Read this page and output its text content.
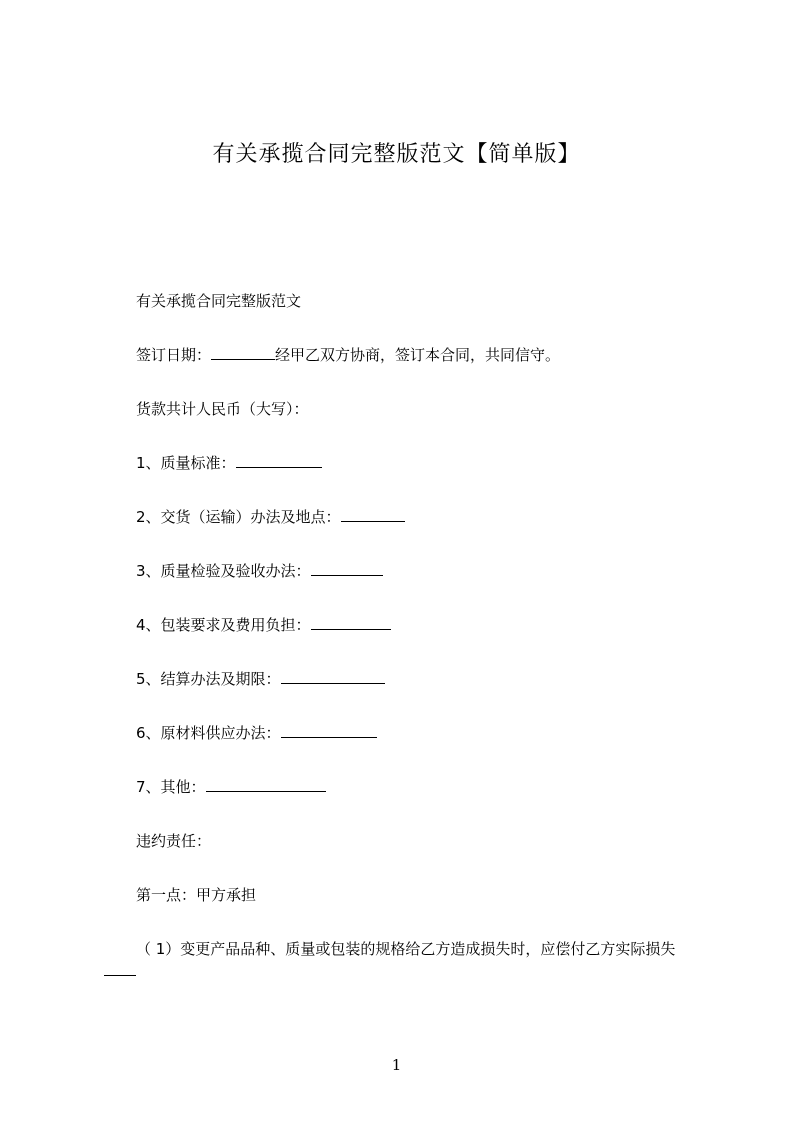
有关承揽合同完整版范文【简单版】
有关承揽合同完整版范文
签订日期：	经甲乙双方协商，签订本合同，共同信守。
货款共计人民币（大写）：
1、质量标准：
2、交货（运输）办法及地点：
3、质量检验及验收办法：
4、包装要求及费用负担：
5、结算办法及期限：
6、原材料供应办法：
7、其他：
违约责任：
第一点：甲方承担
（ 1）变更产品品种、质量或包装的规格给乙方造成损失时，应偿付乙方实际损失
1
